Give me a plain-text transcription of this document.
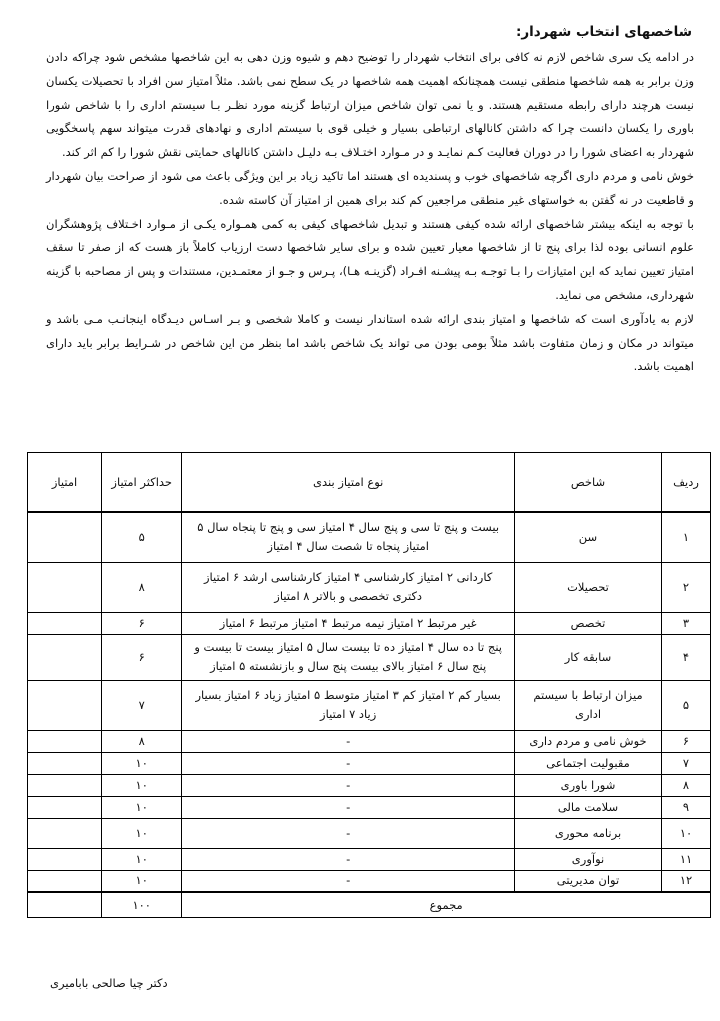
شاخصهای انتخاب شهردار:

در ادامه یک سری شاخص لازم نه کافی برای انتخاب شهردار را توضیح دهم و شیوه وزن دهی به این شاخصها مشخص شود چراکه دادن وزن برابر به همه شاخصها منطقی نیست همچنانکه اهمیت همه شاخصها در یک سطح نمی باشد. مثلاً امتیاز سن افراد با تحصیلات یکسان نیست هرچند دارای رابطه مستقیم هستند. و یا نمی توان شاخص میزان ارتباط گزینه مورد نظـر بـا سیستم اداری را با شاخص شورا باوری را یکسان دانست چرا که داشتن کانالهای ارتباطی بسیار و خیلی قوی با سیستم اداری و نهادهای قدرت میتواند سهم پاسخگویی شهردار به اعضای شورا را در دوران فعالیت کـم نمایـد و در مـوارد اختـلاف بـه دلیـل داشتن کانالهای حمایتی نقش شورا را کم اثر کند.

خوش نامی و مردم داری اگرچه شاخصهای خوب و پسندیده ای هستند اما تاکید زیاد بر این ویژگی باعث می شود از صراحت بیان شهردار و قاطعیت در نه گفتن به خواستهای غیر منطقی مراجعین کم کند برای همین از امتیاز آن کاسته شده.

با توجه به اینکه بیشتر شاخصهای ارائه شده کیفی هستند و تبدیل شاخصهای کیفی به کمی همـواره یکـی از مـوارد اخـتلاف پژوهشگران علوم انسانی بوده لذا برای پنج تا از شاخصها معیار تعیین شده و برای سایر شاخصها دست ارزیاب کاملاً باز هست که از صفر تا سقف امتیاز تعیین نماید که این امتیازات را بـا توجـه بـه پیشـنه افـراد (گزینـه هـا)، پـرس و جـو از معتمـدین، مستندات و پس از مصاحبه با گزینه شهرداری، مشخص می نماید.

لازم به یادآوری است که شاخصها و امتیاز بندی ارائه شده استاندار نیست و کاملا شخصی و بـر اسـاس دیـدگاه اینجانـب مـی باشد و میتواند در مکان و زمان متفاوت باشد مثلاً بومی بودن می تواند یک شاخص باشد اما بنظر من این شاخص در شـرایط برابر باید دارای اهمیت باشد.

ردیف	شاخص	نوع امتیاز بندی	حداکثر امتیاز	امتیاز
۱	سن	بیست و پنج تا سی و پنج سال ۴ امتیاز سی و پنج تا پنجاه سال ۵ امتیاز پنجاه تا شصت سال ۴ امتیاز	۵	
۲	تحصیلات	کاردانی ۲ امتیاز کارشناسی ۴ امتیاز کارشناسی ارشد ۶ امتیاز دکتری تخصصی و بالاتر ۸ امتیاز	۸	
۳	تخصص	غیر مرتبط ۲ امتیاز نیمه مرتبط ۴ امتیاز مرتبط ۶ امتیاز	۶	
۴	سابقه کار	پنج تا ده سال ۴ امتیاز ده تا بیست سال ۵ امتیاز بیست تا بیست و پنج سال ۶ امتیاز بالای بیست پنج سال و بازنشسته ۵ امتیاز	۶	
۵	میزان ارتباط با سیستم اداری	بسیار کم ۲ امتیاز کم ۳ امتیاز متوسط ۵ امتیاز زیاد ۶ امتیاز بسیار زیاد ۷ امتیاز	۷	
۶	خوش نامی و مردم داری	-	۸	
۷	مقبولیت اجتماعی	-	۱۰	
۸	شورا باوری	-	۱۰	
۹	سلامت مالی	-	۱۰	
۱۰	برنامه محوری	-	۱۰	
۱۱	نوآوری	-	۱۰	
۱۲	توان مدیریتی	-	۱۰	
مجموع			۱۰۰	
دکتر چیا صالحی بابامیری
